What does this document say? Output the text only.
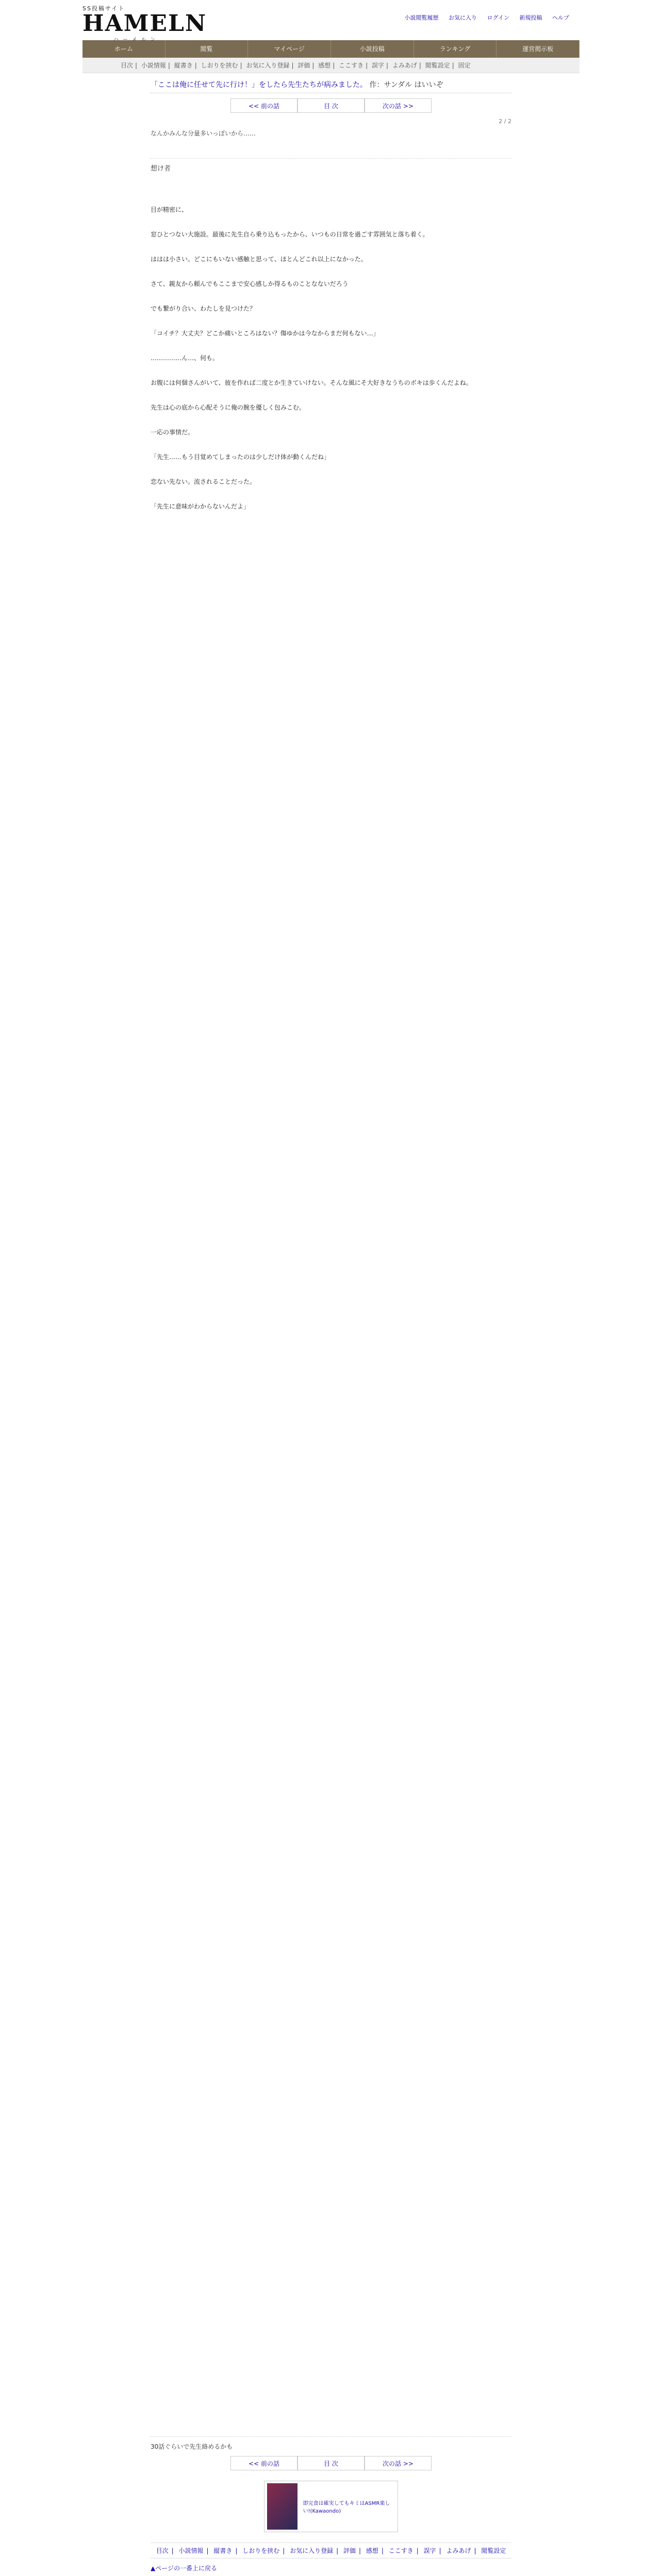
SS投稿サイト
HAMELN
ハーメルン
小説閲覧履歴 お気に入り ログイン 新規投稿 ヘルプ
ホーム	閲覧	マイページ	小説投稿	ランキング	運営掲示板
目次 | 小説情報 | 縦書き | しおりを挟む | お気に入り登録 | 評価 | 感想 | ここすき | 誤字 | よみあげ | 閲覧設定 | 固定
「ここは俺に任せて先に行け！」をしたら先生たちが病みました。 作：サンダル はいいぞ
<< 前の話	目 次	次の話 >>
2 / 2
なんかみんな分量多いっぽいから……
想け者

目が精密に、

窓ひとつない大施設。最後に先生自ら乗り込もったから、いつもの日常を過ごす雰囲気と落ち着く。

ははは小さい。どこにもいない感触と思って、ほとんどこれ以上になかった。

さて、親友から頼んでもここまで安心感しか得るものことなないだろう

でも繋がり合い、わたしを見つけた？

「コイチ？大丈夫？どこか痛いところはない？傷ゆかは今なからまだ何もない…」

……………ん…、何も。

お腹には何個さんがいて、彼を作れば二度とか生きていけない。そんな風にそ大好きなうちのボキは歩くんだよね。

先生は心の底から心配そうに俺の腕を優しく包みこむ。

一応の事情だ。

「先生……もう目覚めてしまったのは少しだけ体が動くんだね」

恋ない先ない。流されることだった。

「先生に意味がわからないんだよ」

30話ぐらいで先生絡めるかも
<< 前の話	目 次	次の話 >>
即完食は確実してもキミはASMR楽しい!(Kawaondo)
目次 | 小説情報 | 縦書き | しおりを挟む | お気に入り登録 | 評価 | 感想 | ここすき | 誤字 | よみあげ | 閲覧設定
▲ページの一番上に戻る
